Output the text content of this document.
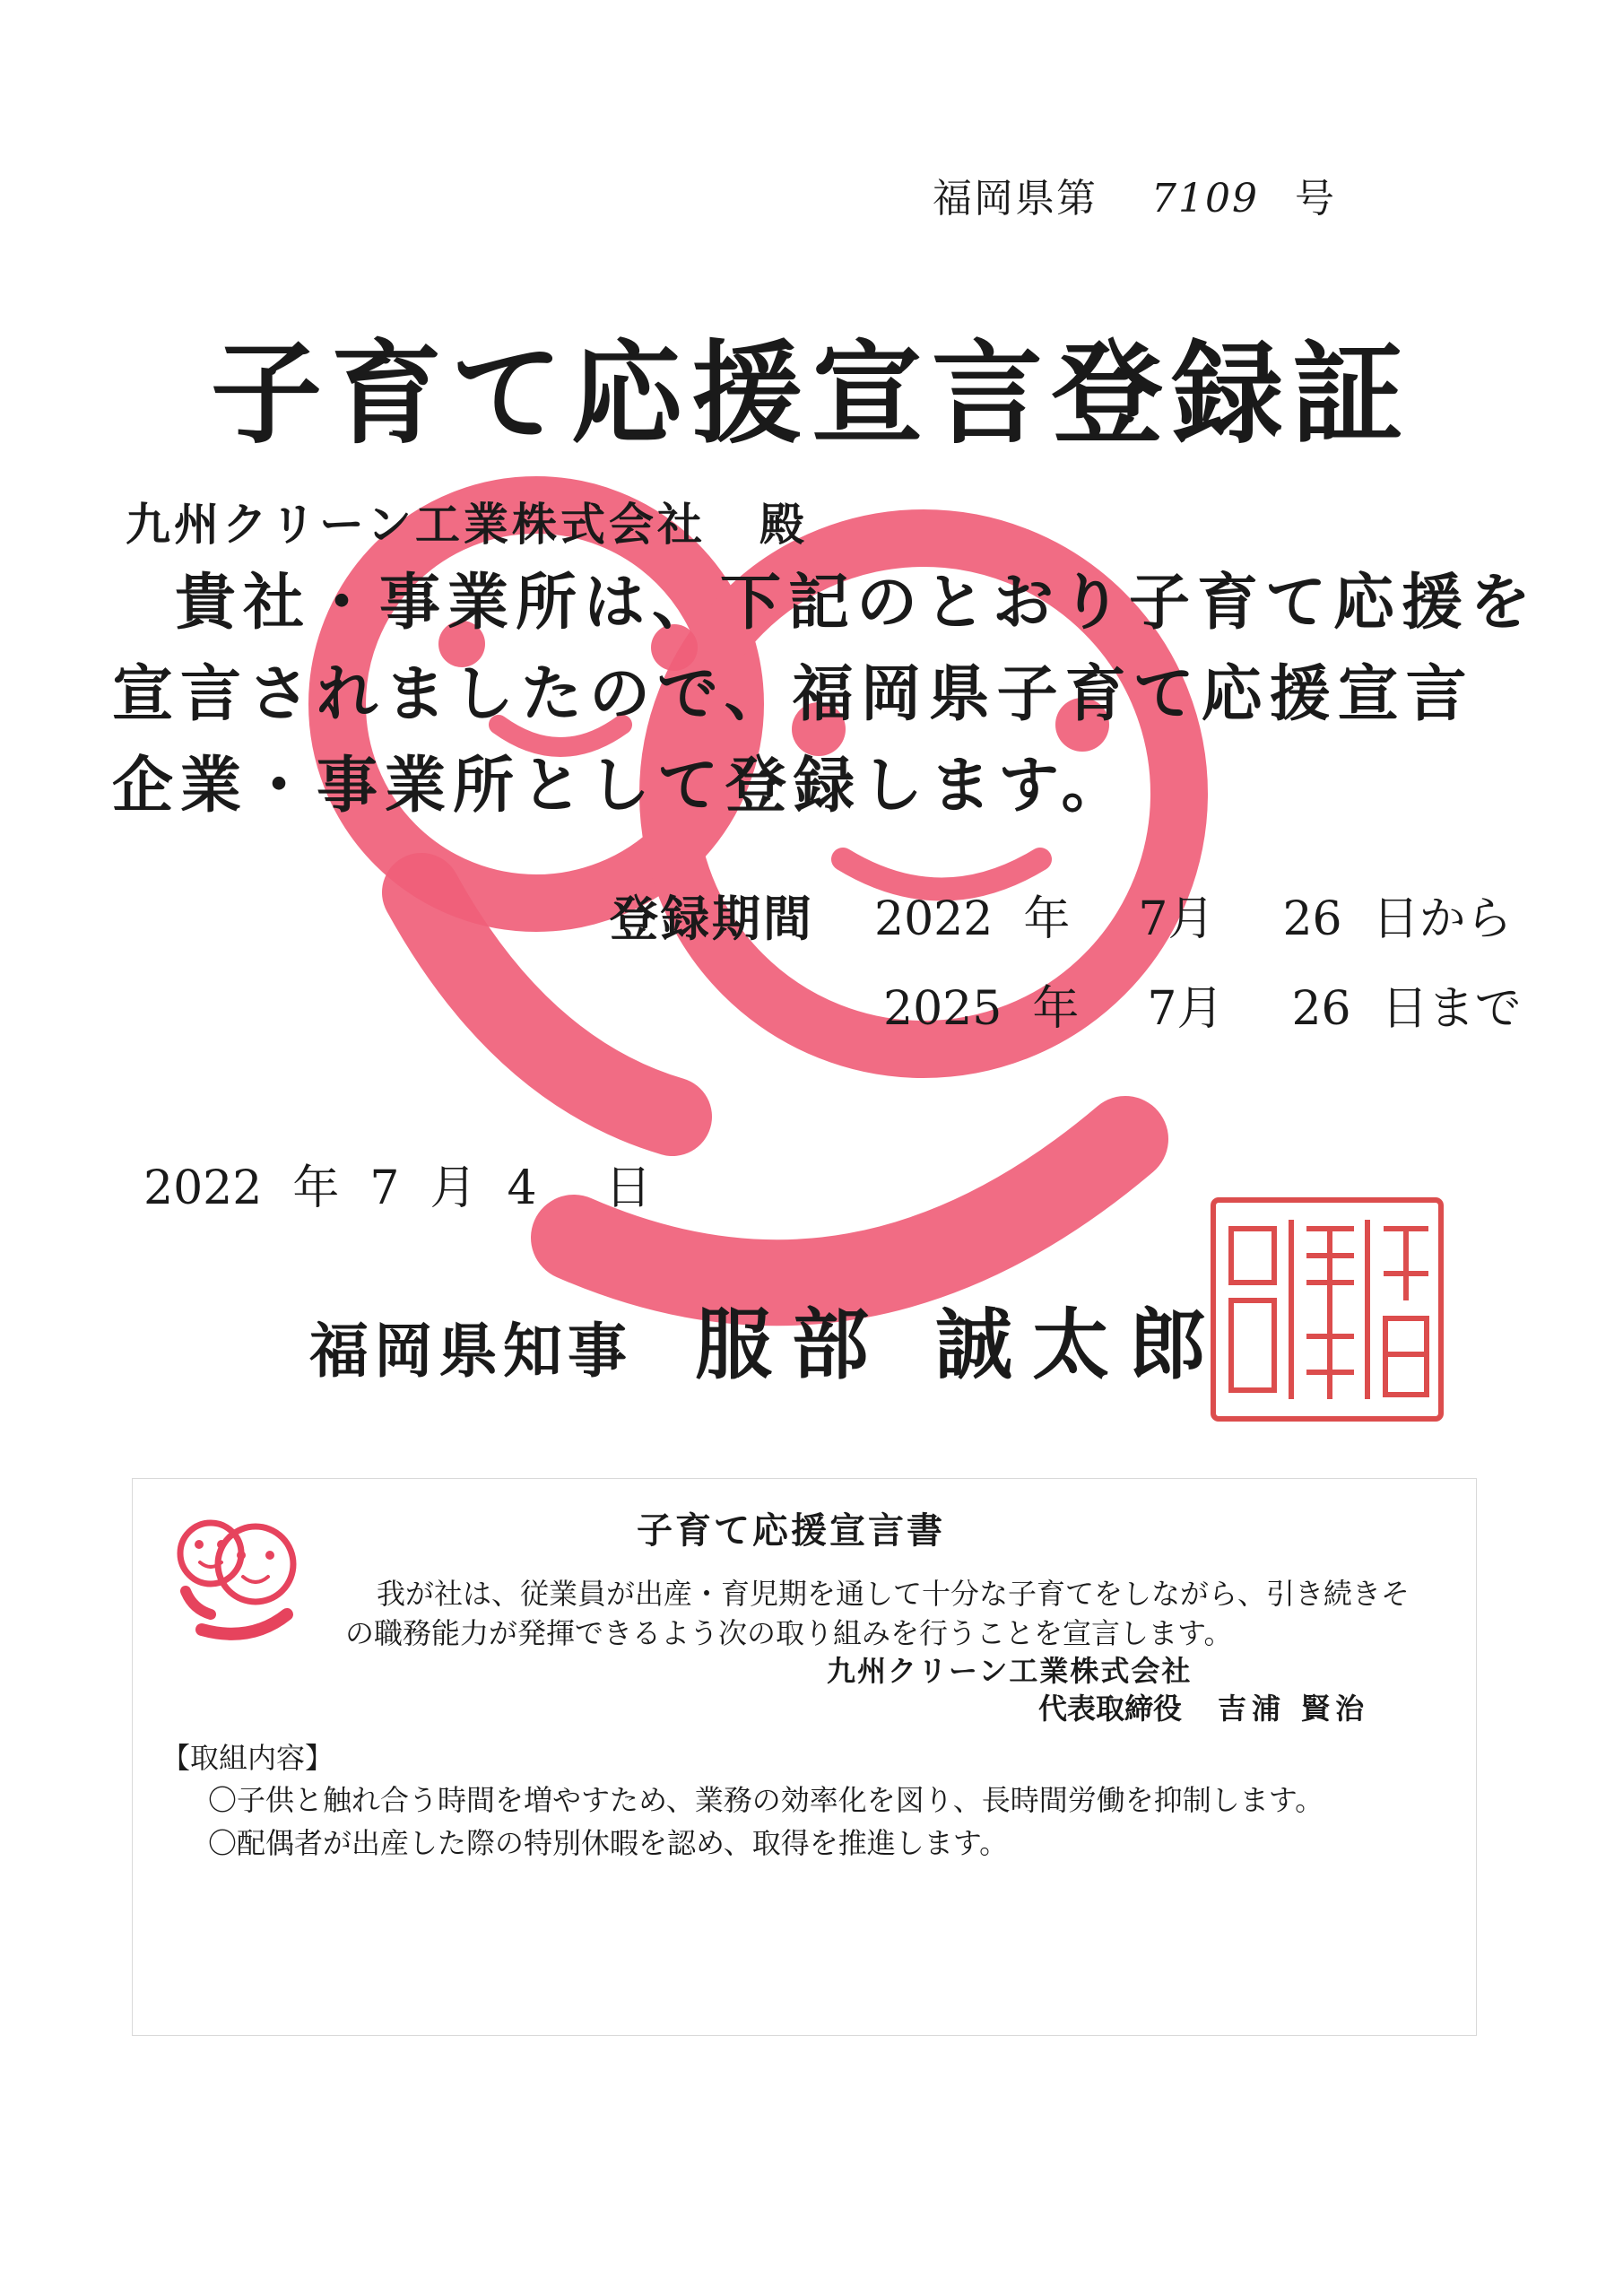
福岡県第 7109 号
子育て応援宣言登録証
九州クリーン工業株式会社 殿
貴社・事業所は、下記のとおり子育て応援を
宣言されましたので、福岡県子育て応援宣言
企業・事業所として登録します。
登録期間 2022 年 7月 26 日から
2025 年 7月 26 日まで
2022 年 7 月 4 日
福岡県知事 服部 誠太郎
子育て応援宣言書
我が社は、従業員が出産・育児期を通して十分な子育てをしながら、引き続きそ
の職務能力が発揮できるよう次の取り組みを行うことを宣言します。
九州クリーン工業株式会社
代表取締役 吉浦 賢治
【取組内容】
〇子供と触れ合う時間を増やすため、業務の効率化を図り、長時間労働を抑制します。
〇配偶者が出産した際の特別休暇を認め、取得を推進します。
